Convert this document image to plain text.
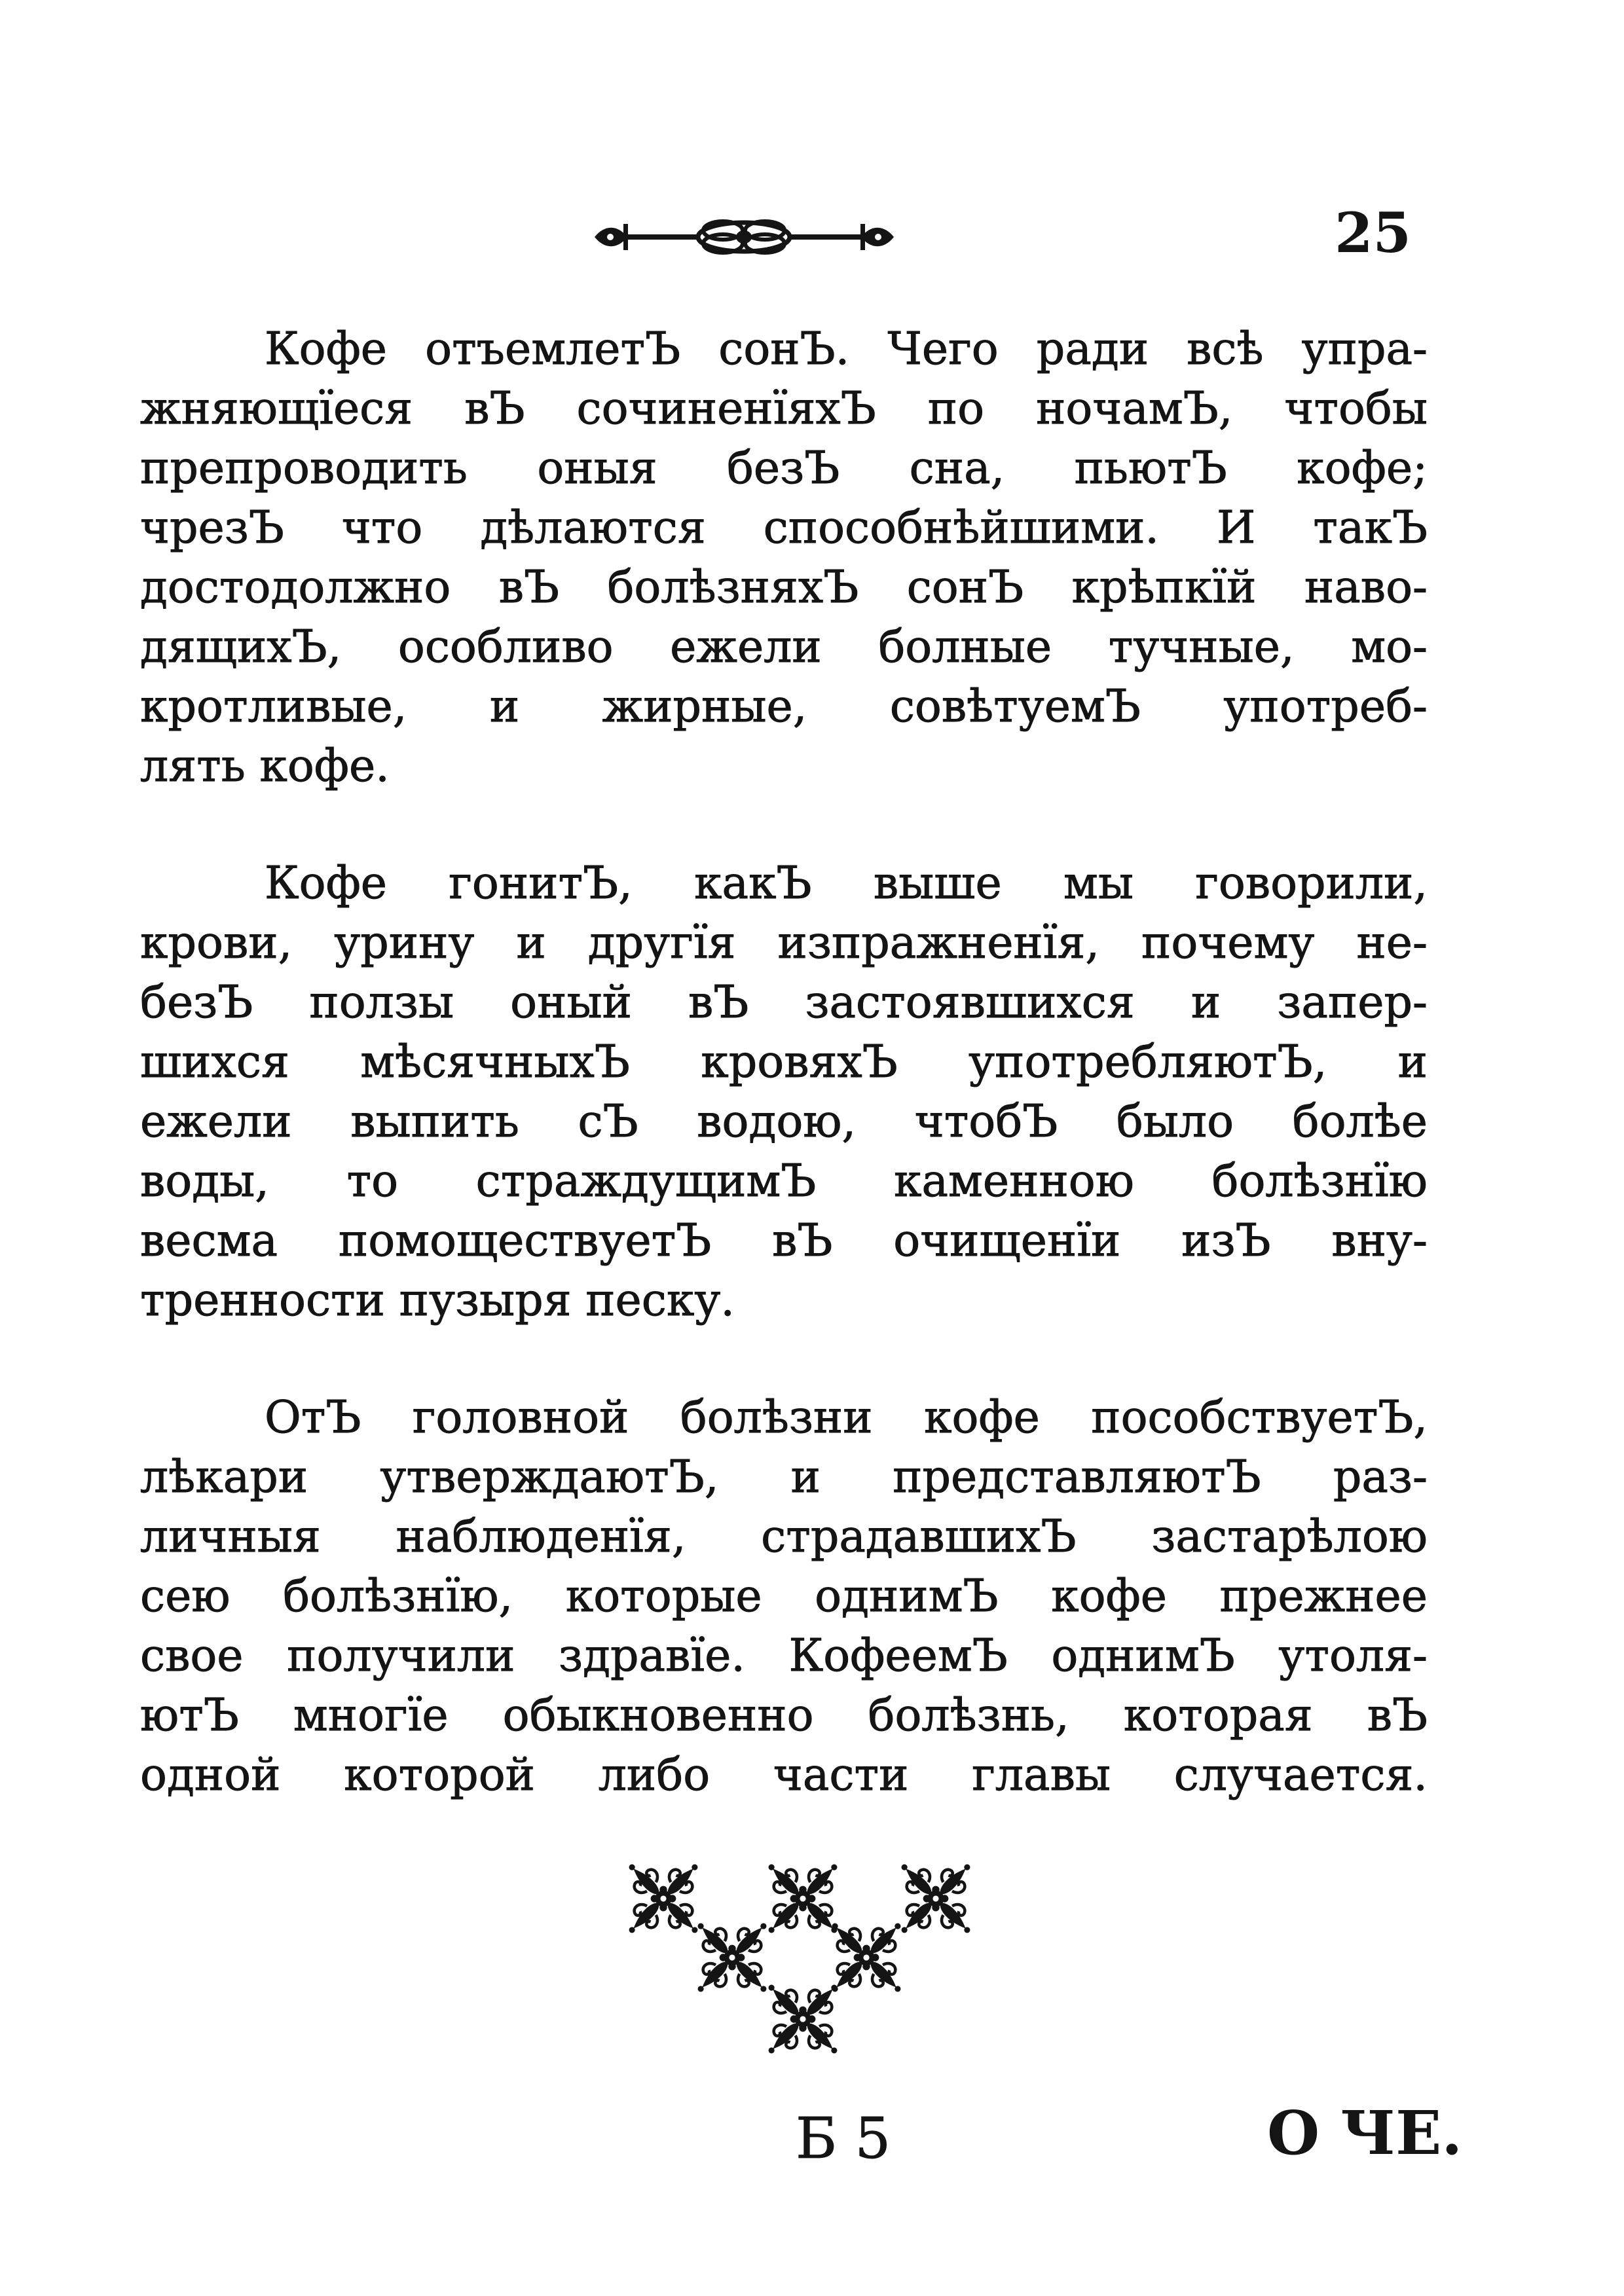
25

Кофе отъемлетЪ сонЪ. Чего ради всѣ упра-
жняющїеся вЪ сочиненїяхЪ по ночамЪ, чтобы
препроводить оныя безЪ сна, пьютЪ кофе;
чрезЪ что дѣлаются способнѣйшими. И такЪ
достодолжно вЪ болѣзняхЪ сонЪ крѣпкїй наво-
дящихЪ, особливо ежели болные тучные, мо-
кротливые, и жирные, совѣтуемЪ употреб-
лять кофе.

Кофе гонитЪ, какЪ выше мы говорили,
крови, урину и другїя изпражненїя, почему не-
безЪ ползы оный вЪ застоявшихся и запер-
шихся мѣсячныхЪ кровяхЪ употребляютЪ, и
ежели выпить сЪ водою, чтобЪ было болѣе
воды, то страждущимЪ каменною болѣзнїю
весма помоществуетЪ вЪ очищенїи изЪ вну-
тренности пузыря песку.

ОтЪ головной болѣзни кофе пособствуетЪ,
лѣкари утверждаютЪ, и представляютЪ раз-
личныя наблюденїя, страдавшихЪ застарѣлою
сею болѣзнїю, которые однимЪ кофе прежнее
свое получили здравїе. КофеемЪ однимЪ утоля-
ютЪ многїе обыкновенно болѣзнь, которая вЪ
одной которой либо части главы случается.

Б 5	О ЧЕ.
